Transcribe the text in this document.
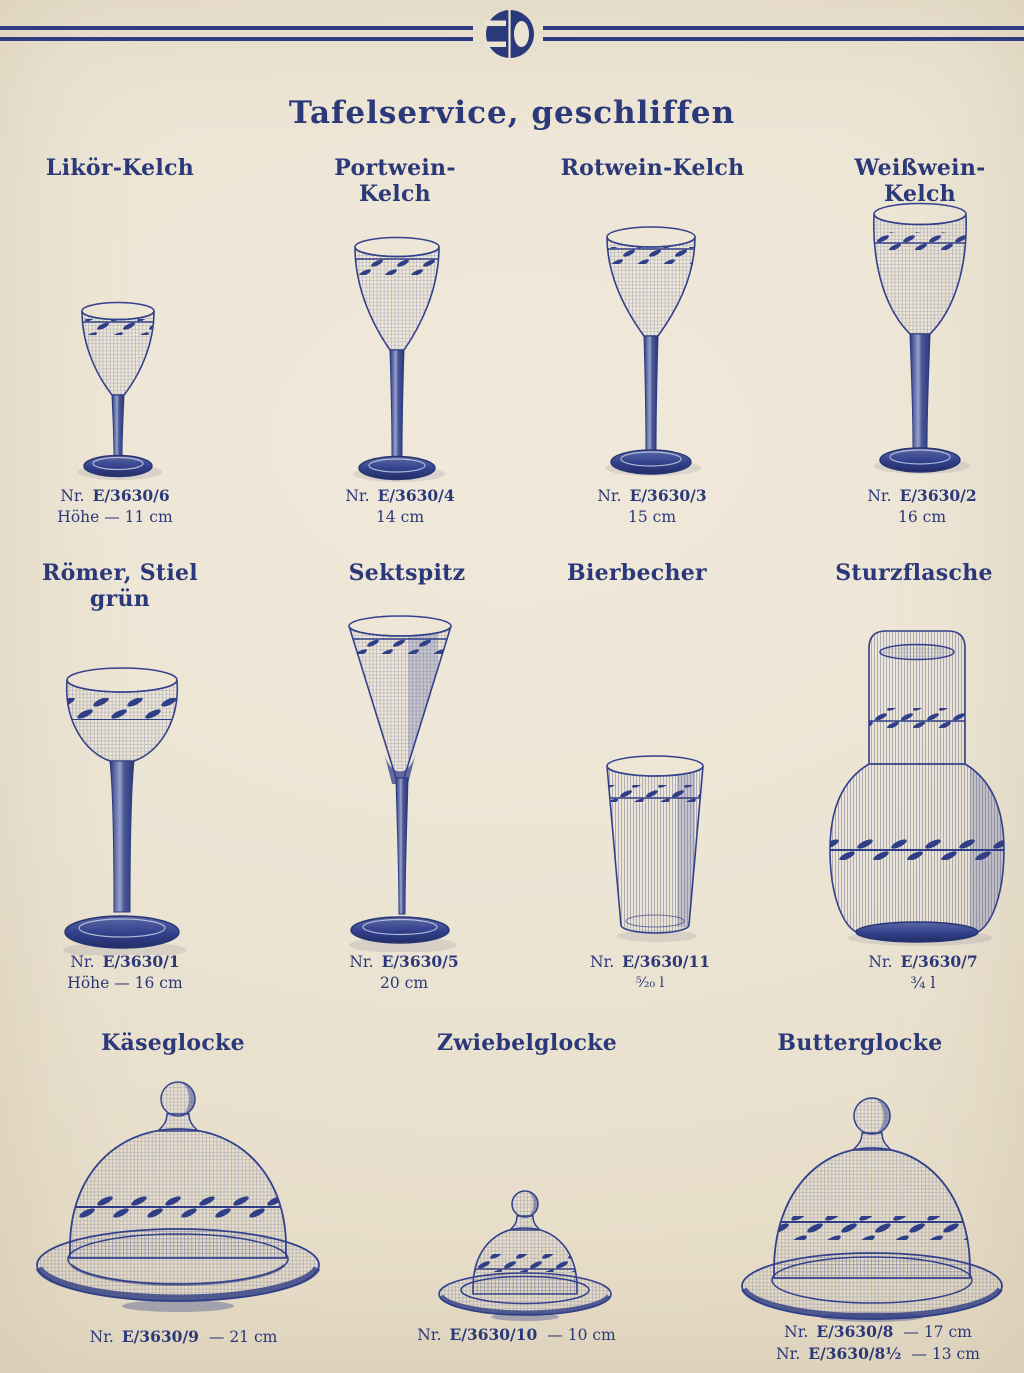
Tafelservice, geschliffen
Likör-Kelch	Portwein-Kelch
Rotwein-Kelch	Weißwein-Kelch
Nr. E/3630/6
Höhe — 11 cm
Nr. E/3630/4
14 cm
Nr. E/3630/3
15 cm
Nr. E/3630/2
16 cm
Römer, Stiel grün
Sektspitz	Bierbecher	Sturzflasche
Nr. E/3630/1
Höhe — 16 cm
Nr. E/3630/5
20 cm
Nr. E/3630/11
⁵⁄₂₀ l
Nr. E/3630/7
¾ l
Käseglocke	Zwiebelglocke	Butterglocke
Nr. E/3630/9 — 21 cm	Nr. E/3630/10 — 10 cm	Nr. E/3630/8 — 17 cm
Nr. E/3630/8½ — 13 cm
